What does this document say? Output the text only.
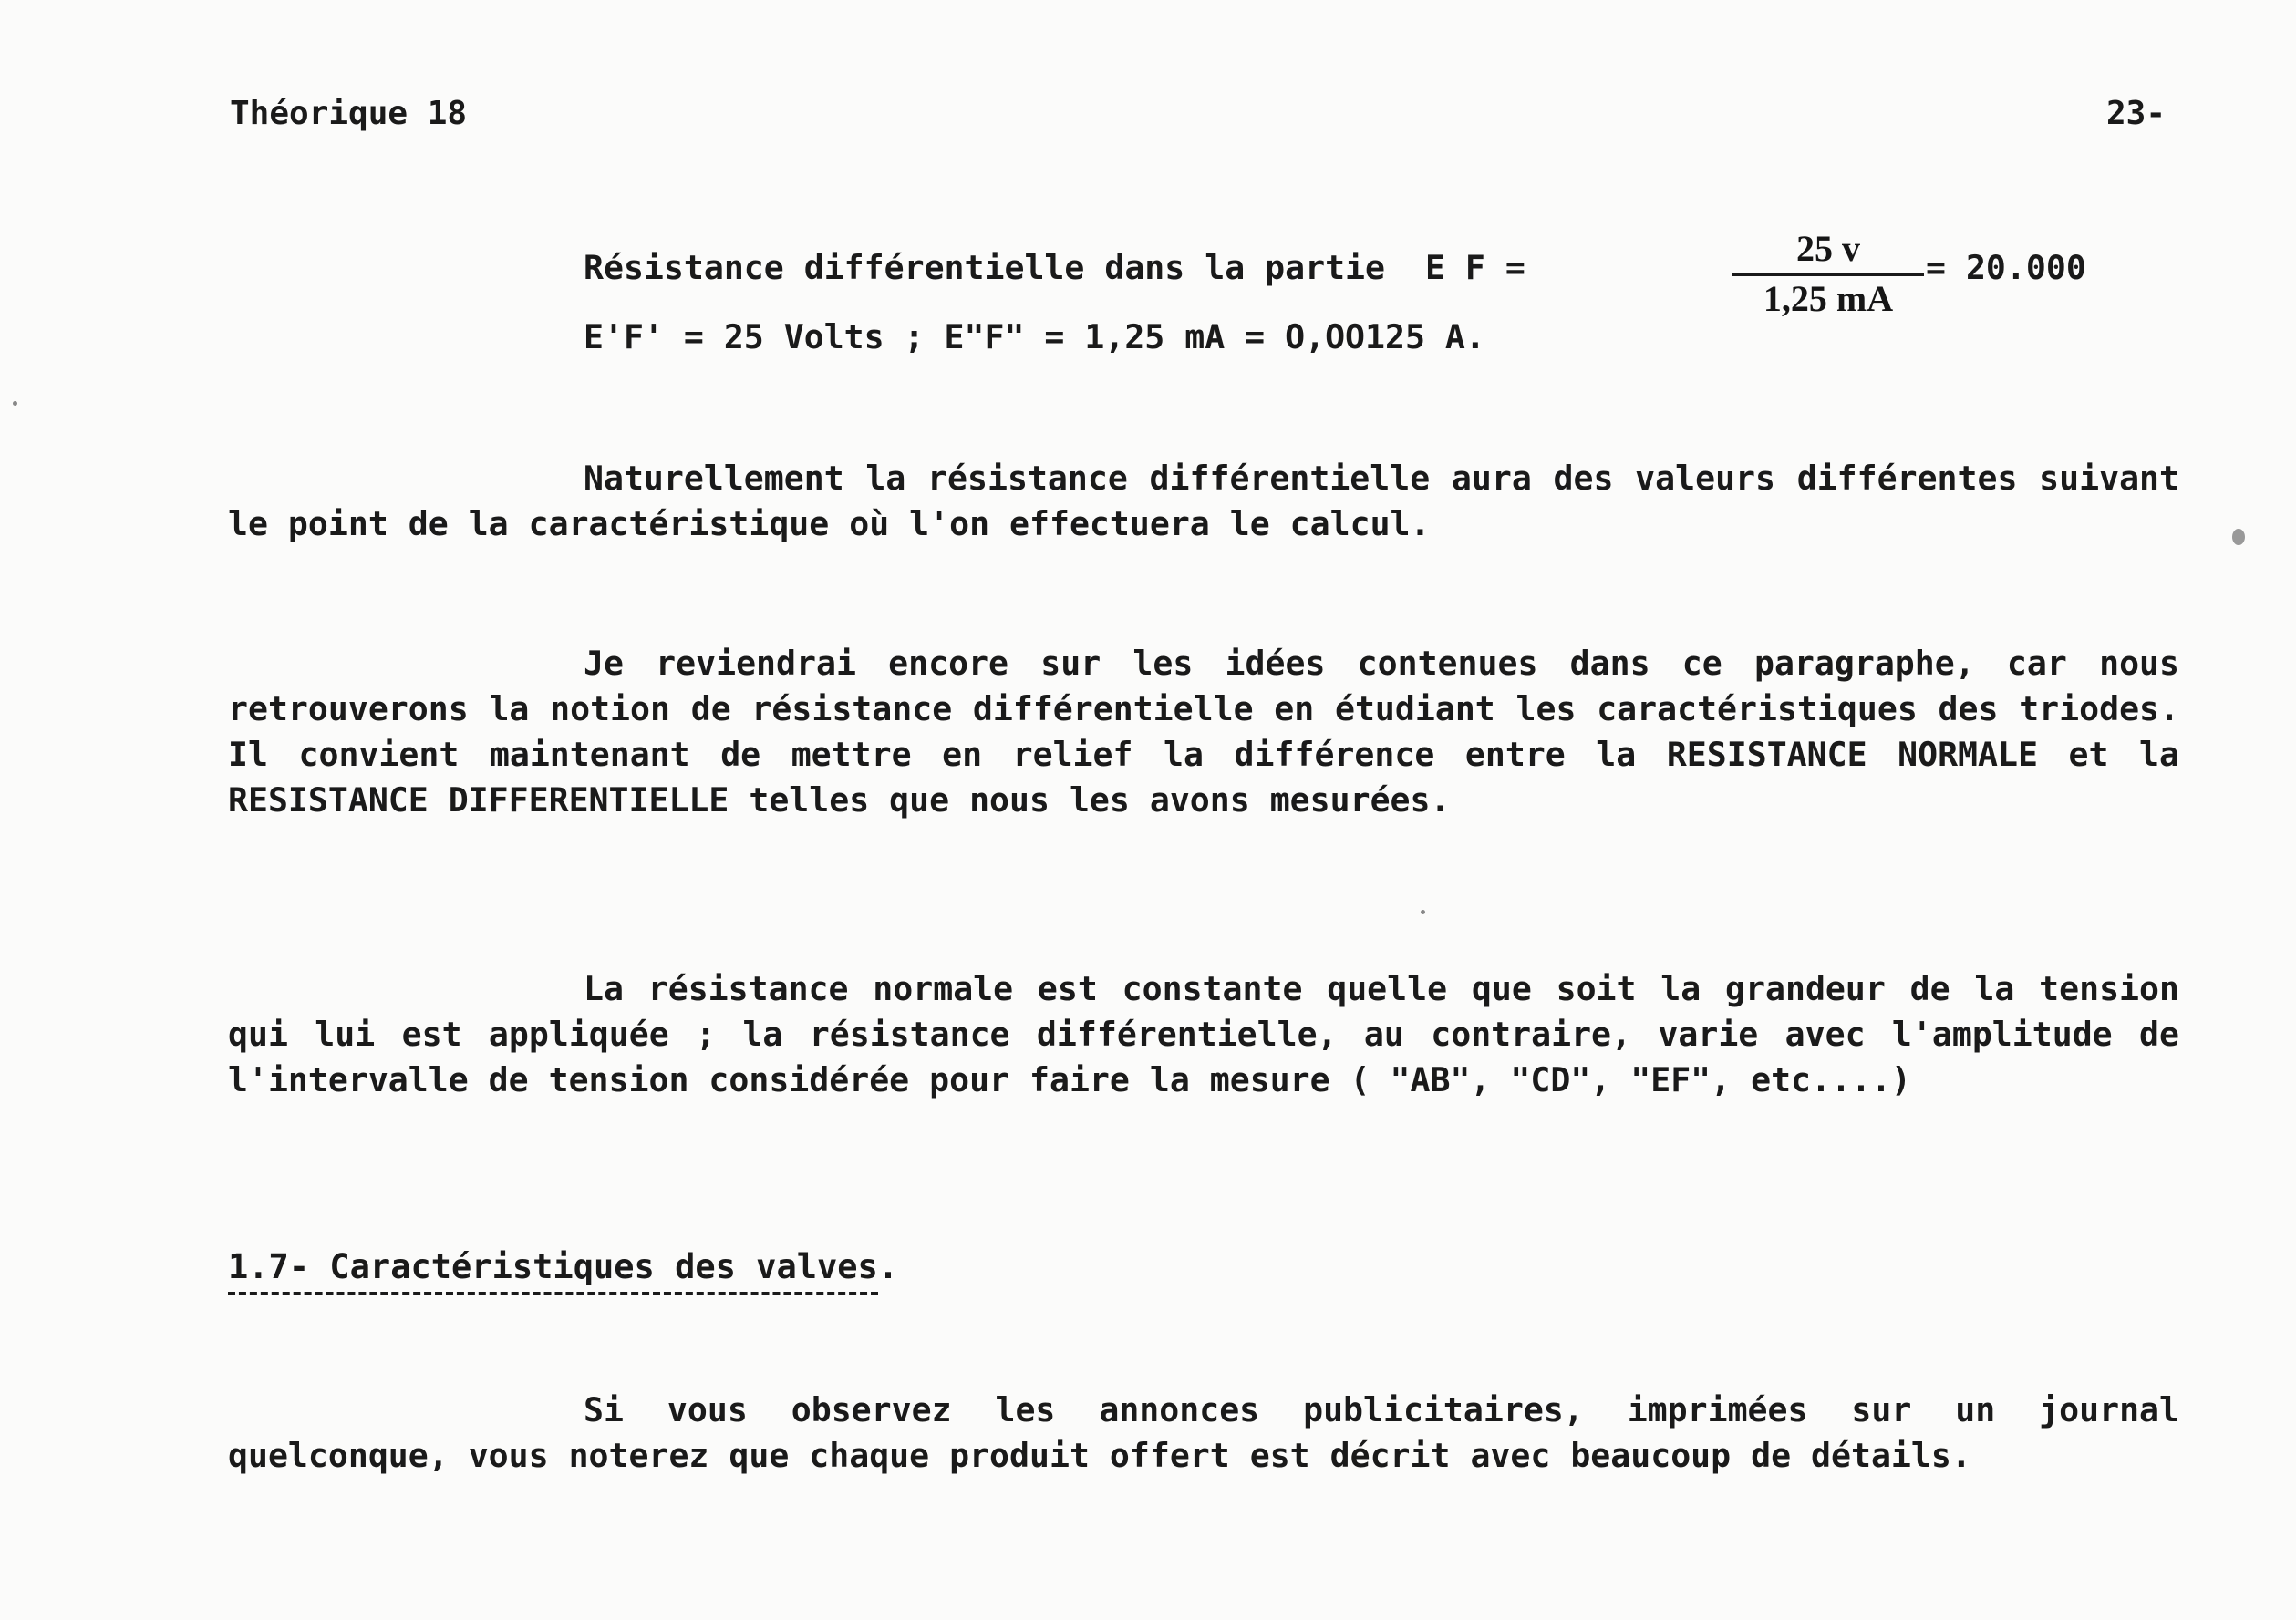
Théorique 18	23-
Résistance différentielle dans la partie  E F =	25 v
1,25 mA
= 20.000
E'F' = 25 Volts ; E"F" = 1,25 mA = O,OO125 A.

Naturellement la résistance différentielle aura des valeurs différentes suivant le point de la caractéristique où l'on effectuera le calcul.

Je reviendrai encore sur les idées contenues dans ce paragraphe, car nous retrouverons la notion de résistance différentielle en étudiant les caractéristiques des triodes. Il convient maintenant de mettre en relief la différence entre la RESISTANCE NORMALE et la RESISTANCE DIFFERENTIELLE telles que nous les avons mesurées.

La résistance normale est constante quelle que soit la grandeur de la tension qui lui est appliquée ; la résistance différentielle, au contraire, varie avec l'amplitude de l'intervalle de tension considérée pour faire la mesure ( "AB", "CD", "EF", etc....)

1.7- Caractéristiques des valves.

Si vous observez les annonces publicitaires, imprimées sur un journal quelconque, vous noterez que chaque produit offert est décrit avec beaucoup de détails.
